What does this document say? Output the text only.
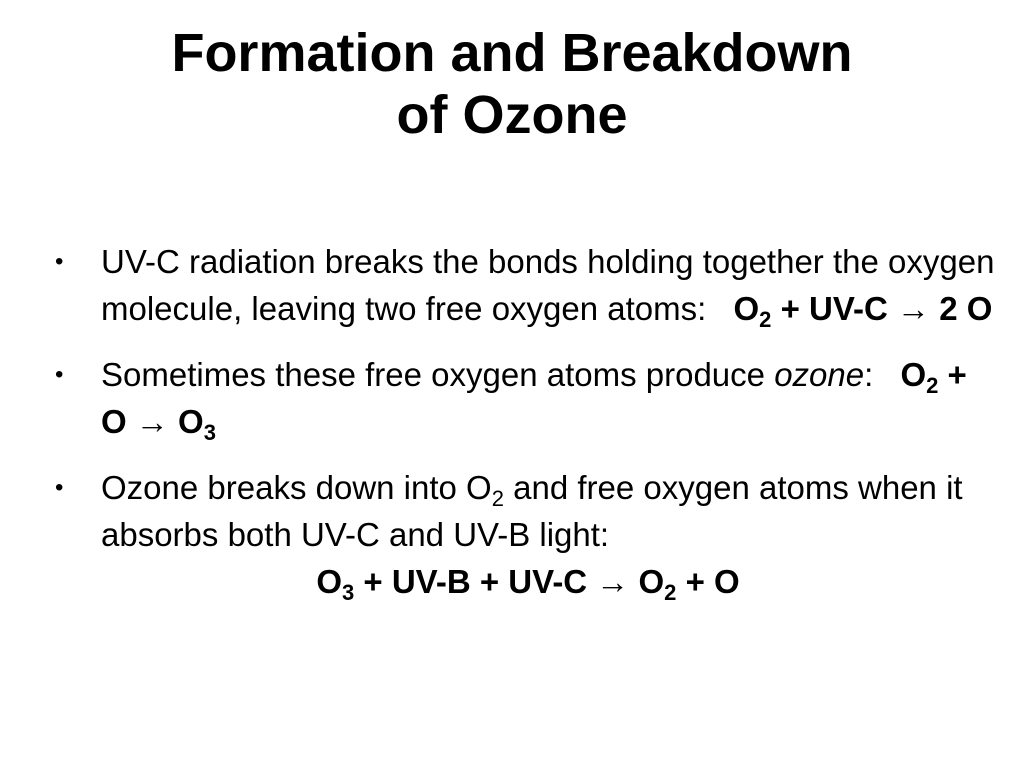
Formation and Breakdown
of Ozone
• UV-C radiation breaks the bonds holding together the oxygen molecule, leaving two free oxygen atoms: $O_2 + UV-C \to 2$ O
• Sometimes these free oxygen atoms produce ozone: $O_2 + O \to O_3$
• Ozone breaks down into $O_2$ and free oxygen atoms when it absorbs both UV-C and UV-B light:
$O_3 + UV-B + UV-C \to O_2 + O$
